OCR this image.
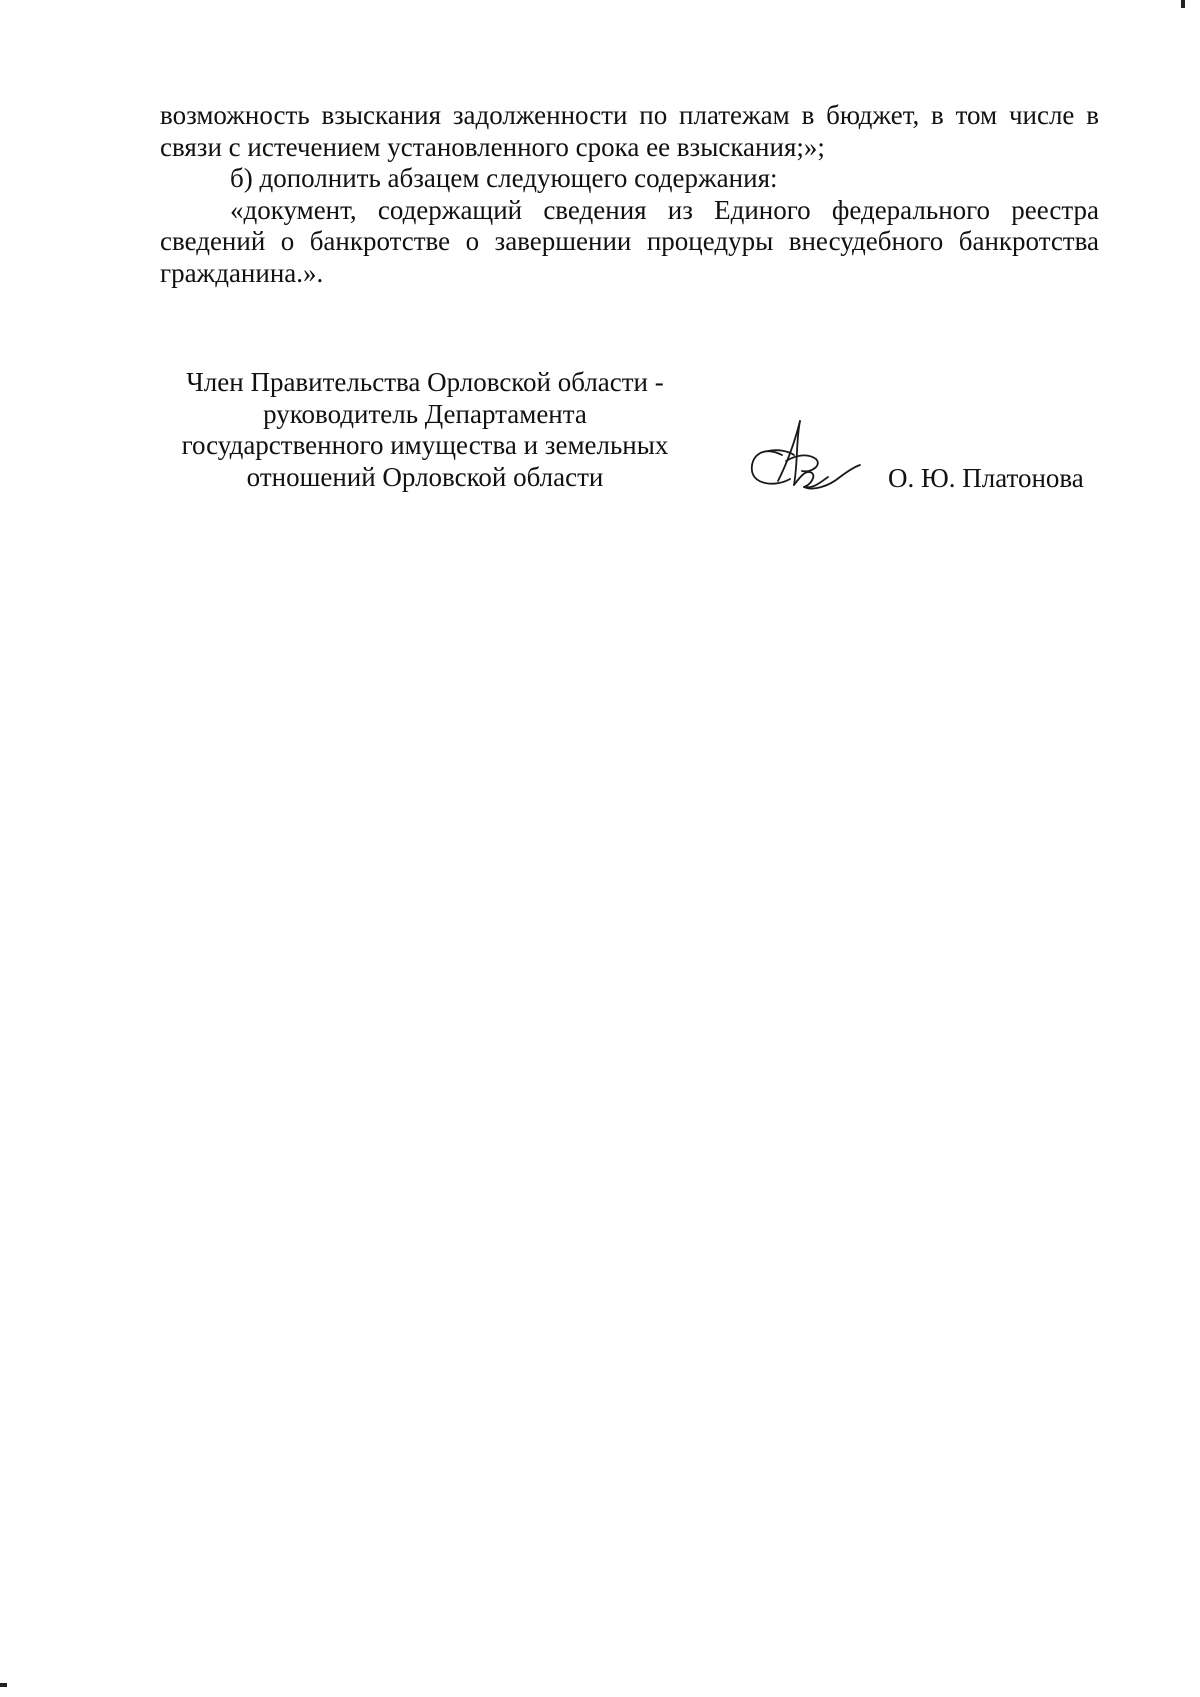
возможность взыскания задолженности по платежам в бюджет, в том числе в связи с истечением установленного срока ее взыскания;»;

б) дополнить абзацем следующего содержания:

«документ, содержащий сведения из Единого федерального реестра сведений о банкротстве о завершении процедуры внесудебного банкротства гражданина.».

Член Правительства Орловской области -
руководитель Департамента
государственного имущества и земельных
отношений Орловской области	О. Ю. Платонова
